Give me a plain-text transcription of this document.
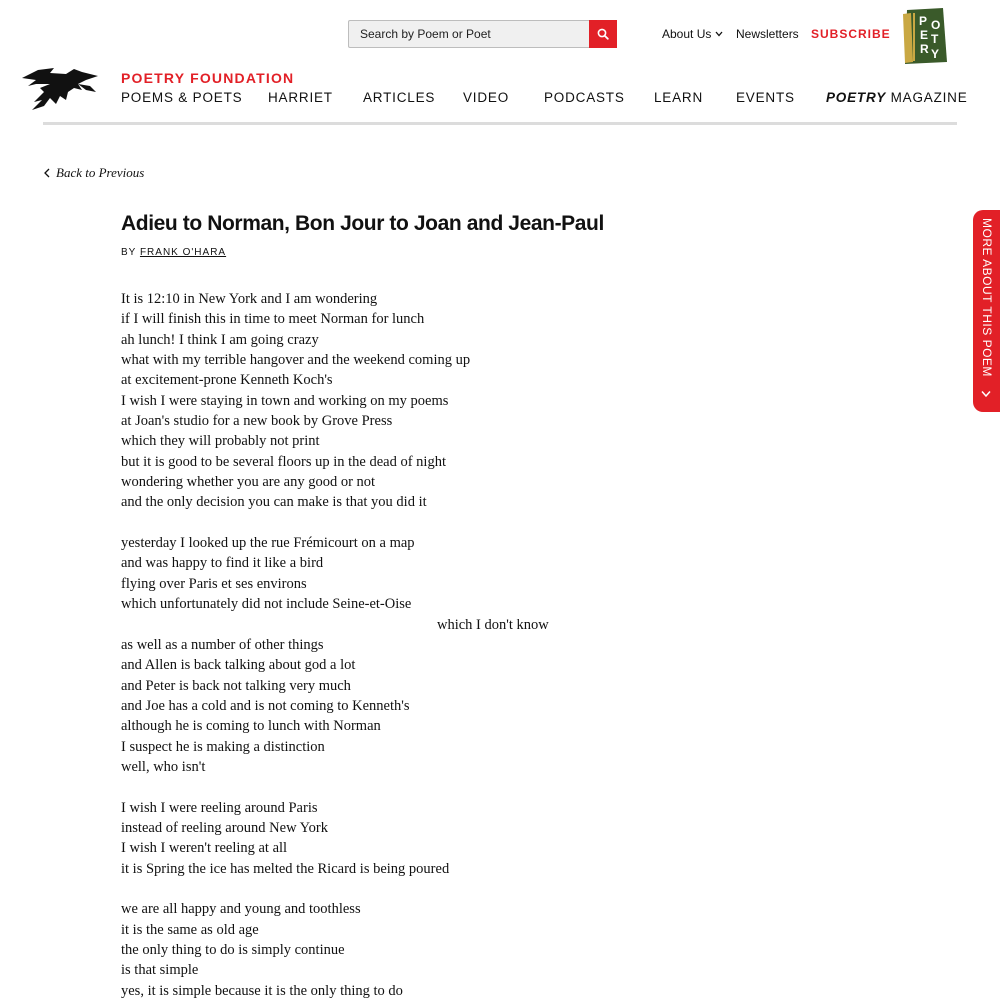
Search by Poem or Poet
About Us	Newsletters SUBSCRIBE
P O
E T
R Y
POETRY FOUNDATION
POEMS & POETS HARRIET ARTICLES VIDEO	PODCASTS LEARN EVENTS POETRY MAGAZINE
Back to Previous
Adieu to Norman, Bon Jour to Joan and Jean-Paul
BY FRANK O'HARA
It is 12:10 in New York and I am wondering
if I will finish this in time to meet Norman for lunch
ah lunch! I think I am going crazy
what with my terrible hangover and the weekend coming up
at excitement-prone Kenneth Koch's
I wish I were staying in town and working on my poems
at Joan's studio for a new book by Grove Press
which they will probably not print
but it is good to be several floors up in the dead of night
wondering whether you are any good or not
and the only decision you can make is that you did it
yesterday I looked up the rue Frémicourt on a map
and was happy to find it like a bird
flying over Paris et ses environs
which unfortunately did not include Seine-et-Oise
which I don't know
as well as a number of other things
and Allen is back talking about god a lot
and Peter is back not talking very much
and Joe has a cold and is not coming to Kenneth's
although he is coming to lunch with Norman
I suspect he is making a distinction
well, who isn't
I wish I were reeling around Paris
instead of reeling around New York
I wish I weren't reeling at all
it is Spring the ice has melted the Ricard is being poured
we are all happy and young and toothless
it is the same as old age
the only thing to do is simply continue
is that simple
yes, it is simple because it is the only thing to do
MORE ABOUT THIS POEM
